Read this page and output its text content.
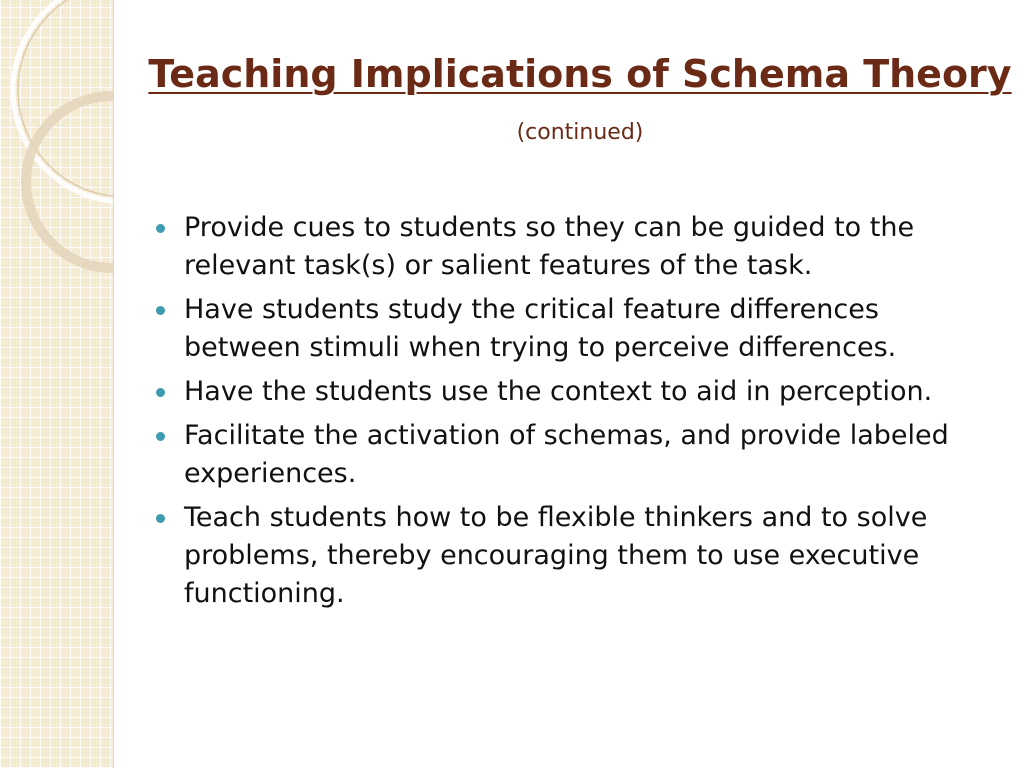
Teaching Implications of Schema Theory (continued)
Provide cues to students so they can be guided to the relevant task(s) or salient features of the task.
Have students study the critical feature differences between stimuli when trying to perceive differences.
Have the students use the context to aid in perception.
Facilitate the activation of schemas, and provide labeled experiences.
Teach students how to be flexible thinkers and to solve problems, thereby encouraging them to use executive functioning.
